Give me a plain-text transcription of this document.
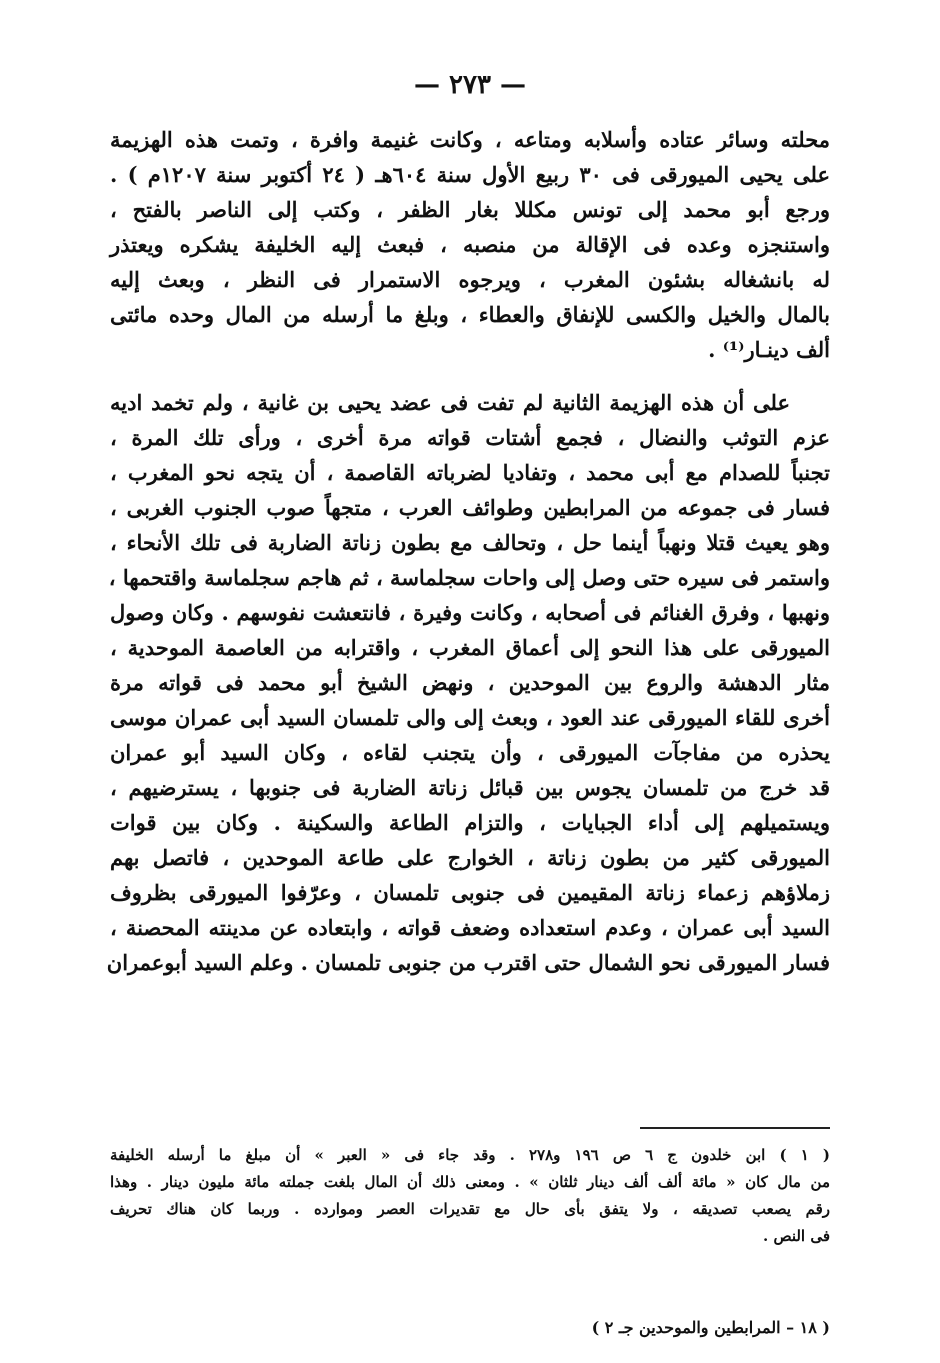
— ٢٧٣ —
محلته وسائر عتاده وأسلابه ومتاعه ، وكانت غنيمة وافرة ، وتمت هذه الهزيمة
على يحيى الميورقى فى ٣٠ ربيع الأول سنة ٦٠٤هـ ( ٢٤ أكتوبر سنة ١٢٠٧م ) .
ورجع أبو محمد إلى تونس مكللا بغار الظفر ، وكتب إلى الناصر بالفتح ،
واستنجزه وعده فى الإقالة من منصبه ، فبعث إليه الخليفة يشكره ويعتذر
له بانشغاله بشئون المغرب ، ويرجوه الاستمرار فى النظر ، وبعث إليه
بالمال والخيل والكسى للإنفاق والعطاء ، وبلغ ما أرسله من المال وحده مائتى
ألف دينـار⁽¹⁾ .
على أن هذه الهزيمة الثانية لم تفت فى عضد يحيى بن غانية ، ولم تخمد اديه
عزم التوثب والنضال ، فجمع أشتات قواته مرة أخرى ، ورأى تلك المرة ،
تجنباً للصدام مع أبى محمد ، وتفاديا لضرباته القاصمة ، أن يتجه نحو المغرب ،
فسار فى جموعه من المرابطين وطوائف العرب ، متجهاً صوب الجنوب الغربى ،
وهو يعيث قتلا ونهباً أينما حل ، وتحالف مع بطون زناتة الضاربة فى تلك الأنحاء ،
واستمر فى سيره حتى وصل إلى واحات سجلماسة ، ثم هاجم سجلماسة واقتحمها ،
ونهبها ، وفرق الغنائم فى أصحابه ، وكانت وفيرة ، فانتعشت نفوسهم . وكان وصول
الميورقى على هذا النحو إلى أعماق المغرب ، واقترابه من العاصمة الموحدية ،
مثار الدهشة والروع بين الموحدين ، ونهض الشيخ أبو محمد فى قواته مرة
أخرى للقاء الميورقى عند العود ، وبعث إلى والى تلمسان السيد أبى عمران موسى
يحذره من مفاجآت الميورقى ، وأن يتجنب لقاءه ، وكان السيد أبو عمران
قد خرج من تلمسان يجوس بين قبائل زناتة الضاربة فى جنوبها ، يسترضيهم ،
ويستميلهم إلى أداء الجبايات ، والتزام الطاعة والسكينة . وكان بين قوات
الميورقى كثير من بطون زناتة ، الخوارج على طاعة الموحدين ، فاتصل بهم
زملاؤهم زعماء زناتة المقيمين فى جنوبى تلمسان ، وعرّفوا الميورقى بظروف
السيد أبى عمران ، وعدم استعداده وضعف قواته ، وابتعاده عن مدينته المحصنة ،
فسار الميورقى نحو الشمال حتى اقترب من جنوبى تلمسان . وعلم السيد أبوعمران
( ١ ) ابن خلدون ج ٦ ص ١٩٦ و٢٧٨ . وقد جاء فى « العبر » أن مبلغ ما أرسله الخليفة
من مال كان « مائة ألف ألف دينار ثلثان » . ومعنى ذلك أن المال بلغت جملته مائة مليون دينار . وهذا
رقم يصعب تصديقه ، ولا يتفق بأى حال مع تقديرات العصر وموارده . وربما كان هناك تحريف
فى النص .
( ١٨ – المرابطين والموحدين جـ ٢ )
